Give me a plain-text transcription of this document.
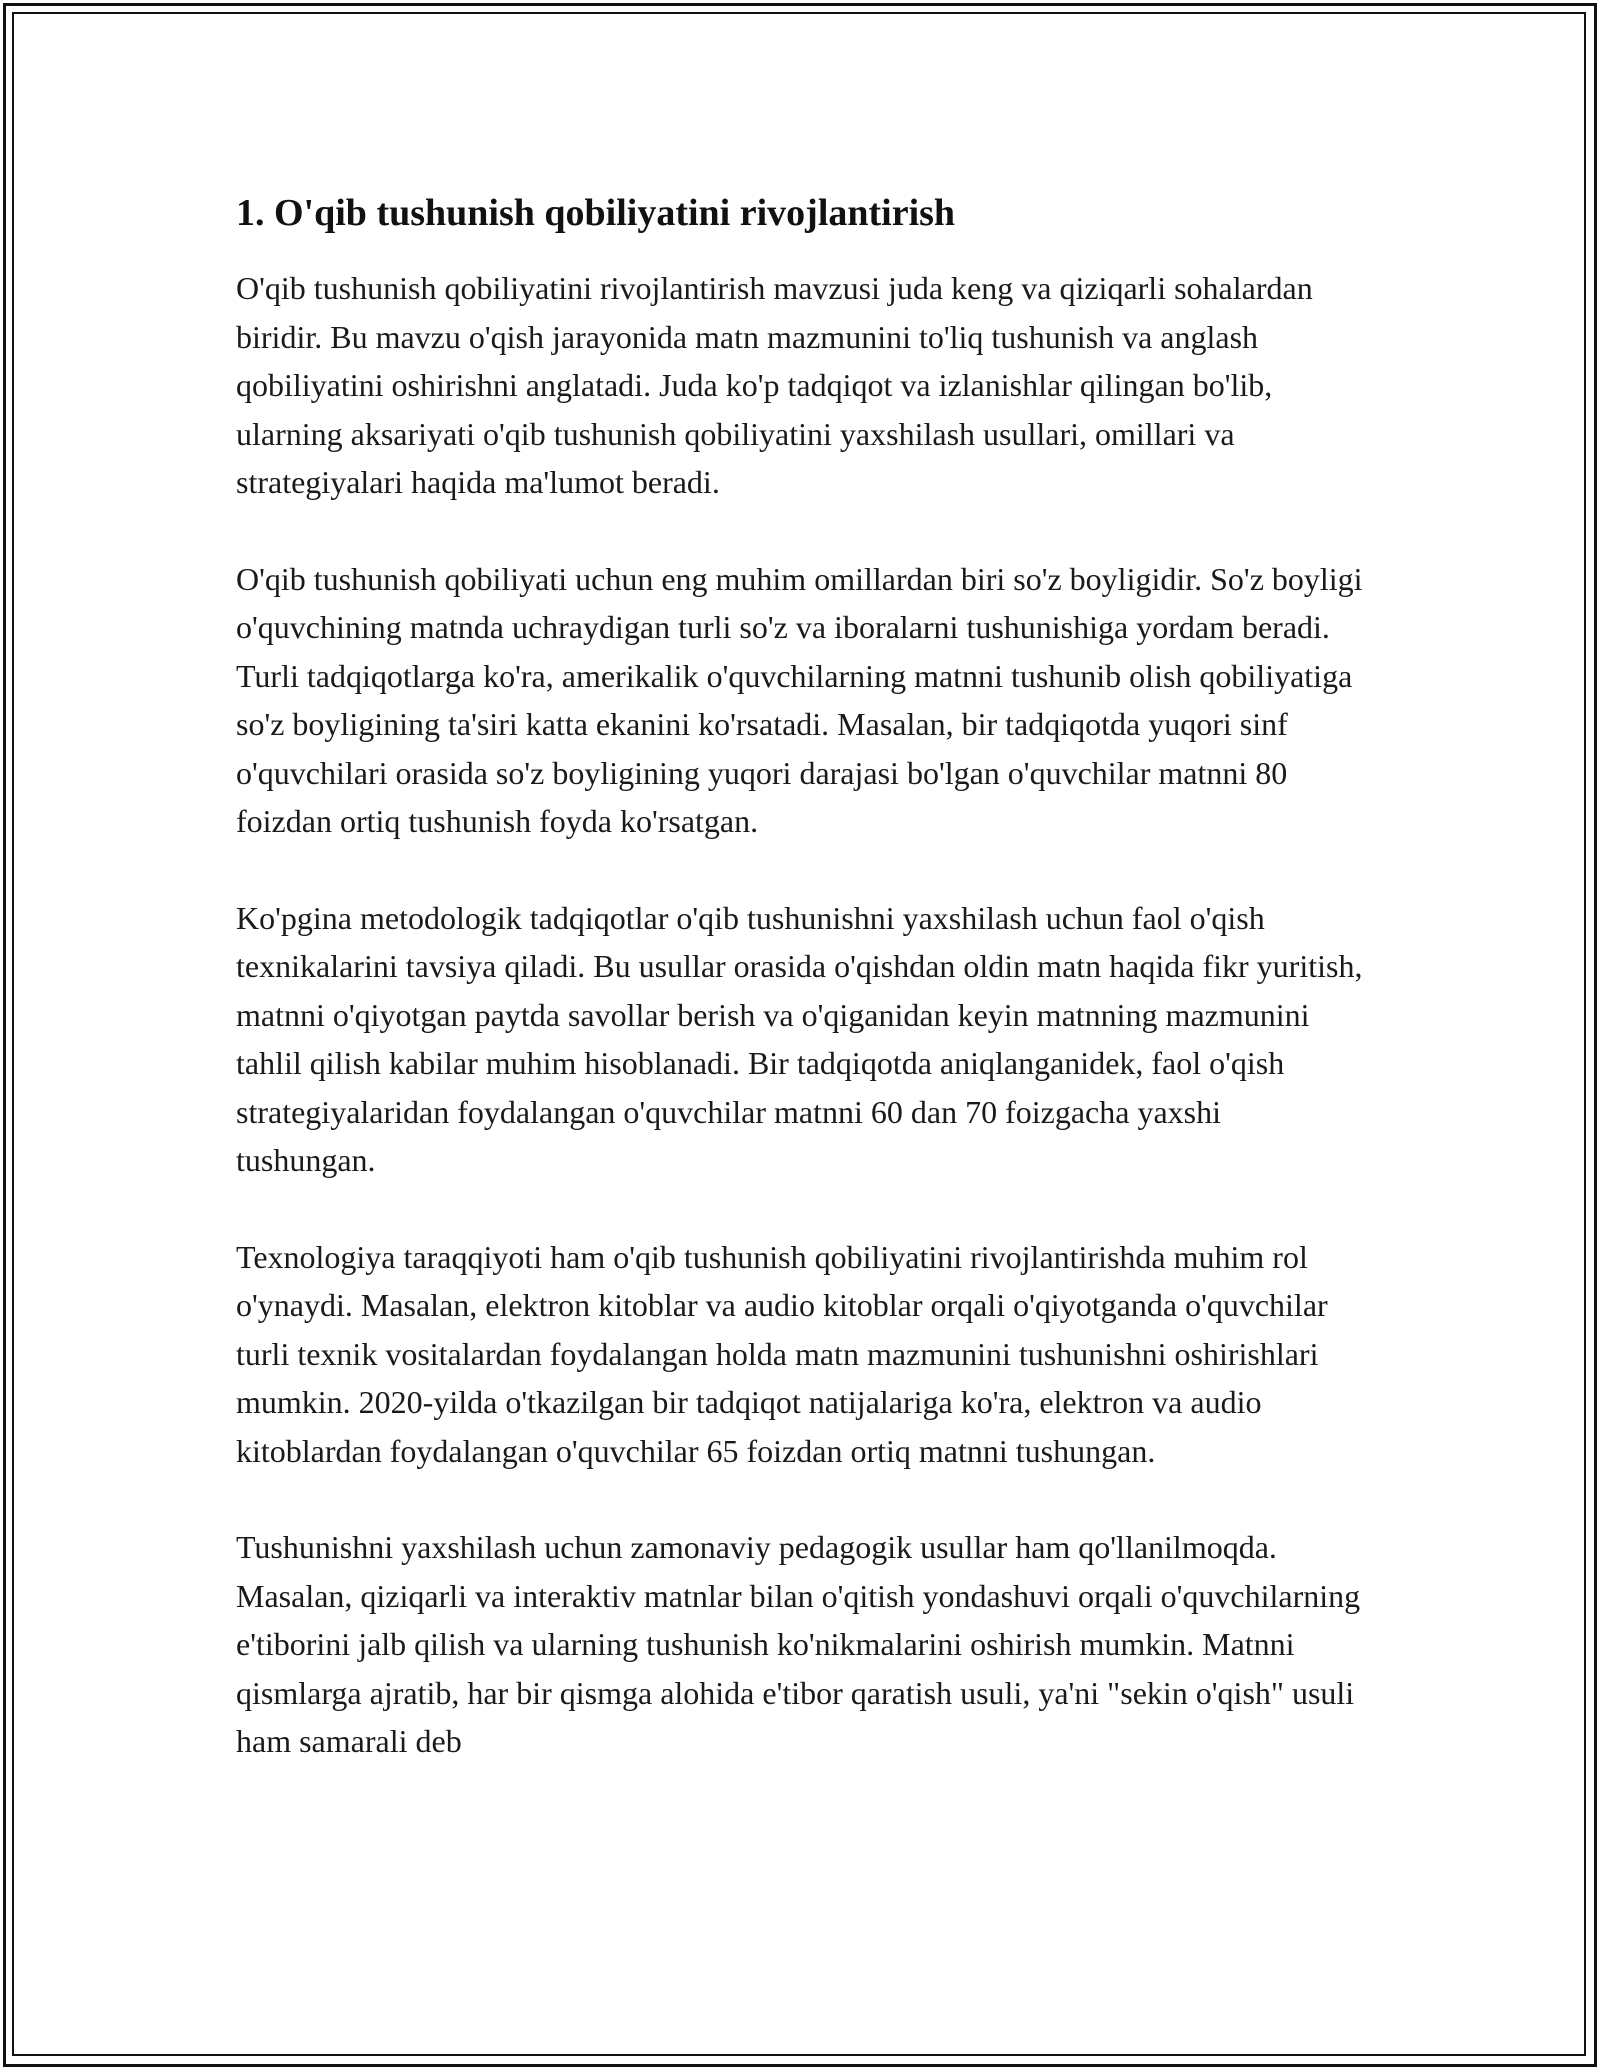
1. O'qib tushunish qobiliyatini rivojlantirish

O'qib tushunish qobiliyatini rivojlantirish mavzusi juda keng va qiziqarli sohalardan biridir. Bu mavzu o'qish jarayonida matn mazmunini to'liq tushunish va anglash qobiliyatini oshirishni anglatadi. Juda ko'p tadqiqot va izlanishlar qilingan bo'lib, ularning aksariyati o'qib tushunish qobiliyatini yaxshilash usullari, omillari va strategiyalari haqida ma'lumot beradi.

O'qib tushunish qobiliyati uchun eng muhim omillardan biri so'z boyligidir. So'z boyligi o'quvchining matnda uchraydigan turli so'z va iboralarni tushunishiga yordam beradi. Turli tadqiqotlarga ko'ra, amerikalik o'quvchilarning matnni tushunib olish qobiliyatiga so'z boyligining ta'siri katta ekanini ko'rsatadi. Masalan, bir tadqiqotda yuqori sinf o'quvchilari orasida so'z boyligining yuqori darajasi bo'lgan o'quvchilar matnni 80 foizdan ortiq tushunish foyda ko'rsatgan.

Ko'pgina metodologik tadqiqotlar o'qib tushunishni yaxshilash uchun faol o'qish texnikalarini tavsiya qiladi. Bu usullar orasida o'qishdan oldin matn haqida fikr yuritish, matnni o'qiyotgan paytda savollar berish va o'qiganidan keyin matnning mazmunini tahlil qilish kabilar muhim hisoblanadi. Bir tadqiqotda aniqlanganidek, faol o'qish strategiyalaridan foydalangan o'quvchilar matnni 60 dan 70 foizgacha yaxshi tushungan.

Texnologiya taraqqiyoti ham o'qib tushunish qobiliyatini rivojlantirishda muhim rol o'ynaydi. Masalan, elektron kitoblar va audio kitoblar orqali o'qiyotganda o'quvchilar turli texnik vositalardan foydalangan holda matn mazmunini tushunishni oshirishlari mumkin. 2020-yilda o'tkazilgan bir tadqiqot natijalariga ko'ra, elektron va audio kitoblardan foydalangan o'quvchilar 65 foizdan ortiq matnni tushungan.

Tushunishni yaxshilash uchun zamonaviy pedagogik usullar ham qo'llanilmoqda. Masalan, qiziqarli va interaktiv matnlar bilan o'qitish yondashuvi orqali o'quvchilarning e'tiborini jalb qilish va ularning tushunish ko'nikmalarini oshirish mumkin. Matnni qismlarga ajratib, har bir qismga alohida e'tibor qaratish usuli, ya'ni "sekin o'qish" usuli ham samarali deb
